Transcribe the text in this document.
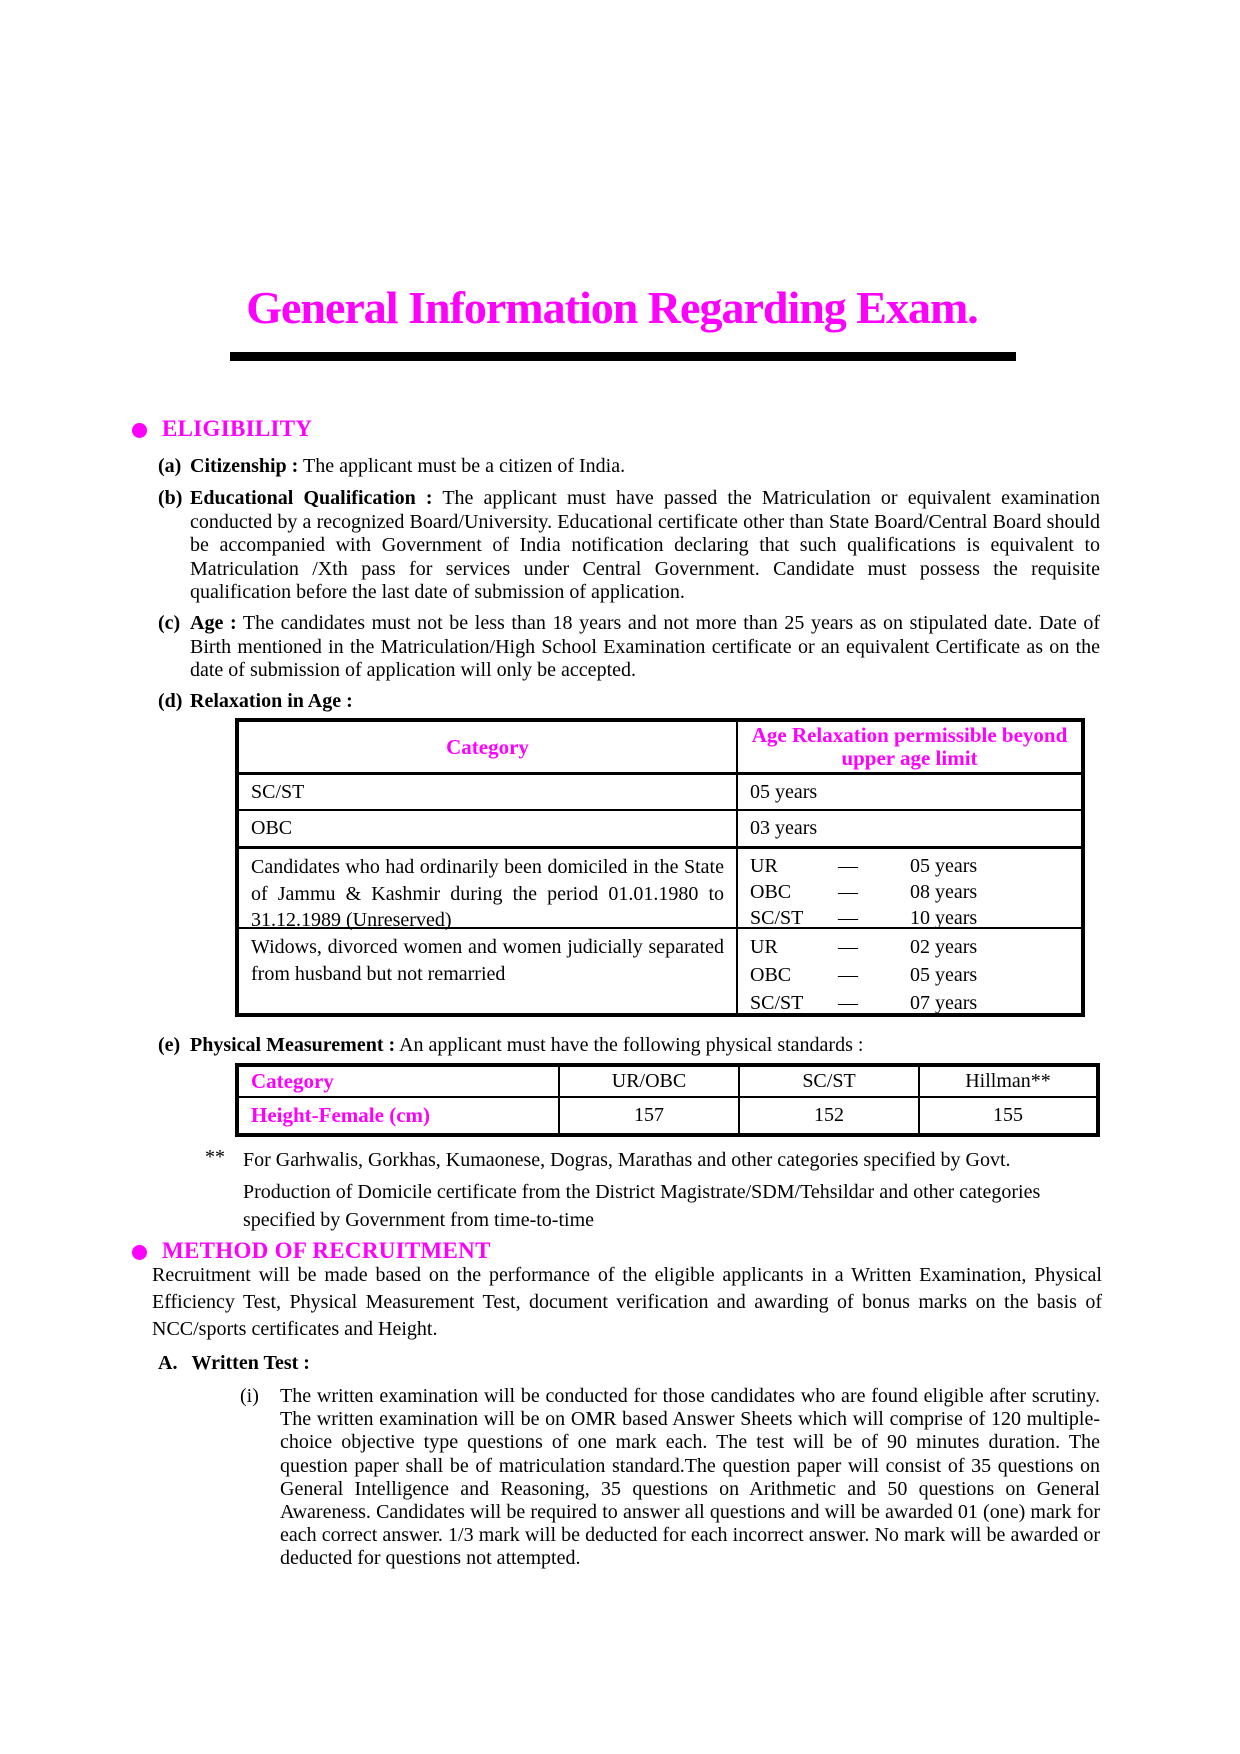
General Information Regarding Exam.
ELIGIBILITY
(a) Citizenship : The applicant must be a citizen of India.
(b) Educational Qualification : The applicant must have passed the Matriculation or equivalent examination conducted by a recognized Board/University. Educational certificate other than State Board/Central Board should be accompanied with Government of India notification declaring that such qualifications is equivalent to Matriculation /Xth pass for services under Central Government. Candidate must possess the requisite qualification before the last date of submission of application.
(c) Age : The candidates must not be less than 18 years and not more than 25 years as on stipulated date. Date of Birth mentioned in the Matriculation/High School Examination certificate or an equivalent Certificate as on the date of submission of application will only be accepted.
(d) Relaxation in Age :
Category	Age Relaxation permissible beyond upper age limit
SC/ST	05 years
OBC	03 years
Candidates who had ordinarily been domiciled in the State of Jammu & Kashmir during the period 01.01.1980 to 31.12.1989 (Unreserved)
UR	—	05 years
OBC	—	08 years
SC/ST	—	10 years
Widows, divorced women and women judicially separated from husband but not remarried
UR	—	02 years
OBC	—	05 years
SC/ST	—	07 years
(e) Physical Measurement : An applicant must have the following physical standards :
Category	UR/OBC	SC/ST	Hillman**
Height-Female (cm)	157	152	155
** For Garhwalis, Gorkhas, Kumaonese, Dogras, Marathas and other categories specified by Govt.
Production of Domicile certificate from the District Magistrate/SDM/Tehsildar and other categories specified by Government from time-to-time
METHOD OF RECRUITMENT
Recruitment will be made based on the performance of the eligible applicants in a Written Examination, Physical Efficiency Test, Physical Measurement Test, document verification and awarding of bonus marks on the basis of NCC/sports certificates and Height.
A. Written Test :
(i) The written examination will be conducted for those candidates who are found eligible after scrutiny. The written examination will be on OMR based Answer Sheets which will comprise of 120 multiple-choice objective type questions of one mark each. The test will be of 90 minutes duration. The question paper shall be of matriculation standard.The question paper will consist of 35 questions on General Intelligence and Reasoning, 35 questions on Arithmetic and 50 questions on General Awareness. Candidates will be required to answer all questions and will be awarded 01 (one) mark for each correct answer. 1/3 mark will be deducted for each incorrect answer. No mark will be awarded or deducted for questions not attempted.
